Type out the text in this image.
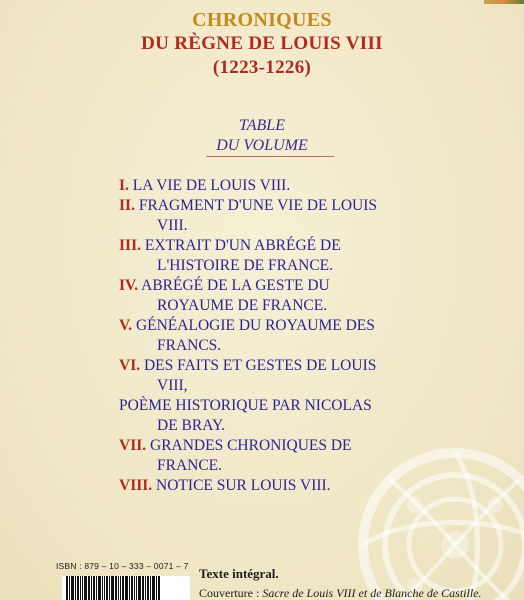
CHRONIQUES
DU RÈGNE DE LOUIS VIII
(1223-1226)
TABLE
DU VOLUME
I. LA VIE DE LOUIS VIII.
II. FRAGMENT D'UNE VIE DE LOUIS
VIII.
III. EXTRAIT D'UN ABRÉGÉ DE
L'HISTOIRE DE FRANCE.
IV. ABRÉGÉ DE LA GESTE DU
ROYAUME DE FRANCE.
V. GÉNÉALOGIE DU ROYAUME DES
FRANCS.
VI. DES FAITS ET GESTES DE LOUIS
VIII,
POÈME HISTORIQUE PAR NICOLAS
DE BRAY.
VII. GRANDES CHRONIQUES DE
FRANCE.
VIII. NOTICE SUR LOUIS VIII.
ISBN : 879 – 10 – 333 – 0071 – 7 Texte intégral.
Couverture : Sacre de Louis VIII et de Blanche de Castille.
